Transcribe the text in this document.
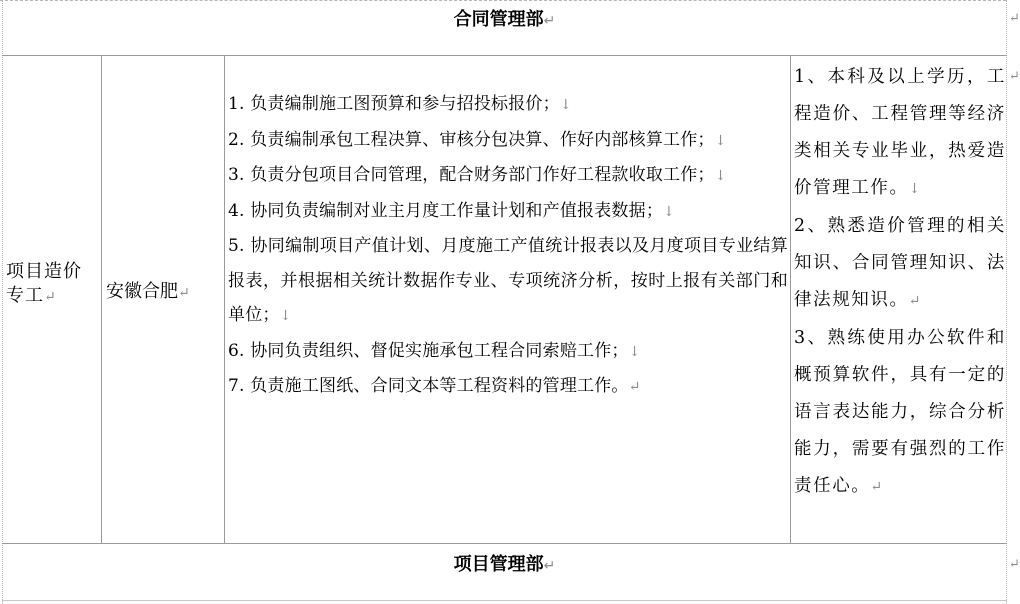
合同管理部↵
项目造价专工↵	安徽合肥↵
1. 负责编制施工图预算和参与招投标报价；↓
2. 负责编制承包工程决算、审核分包决算、作好内部核算工作；↓
3. 负责分包项目合同管理，配合财务部门作好工程款收取工作；↓
4. 协同负责编制对业主月度工作量计划和产值报表数据；↓
5. 协同编制项目产值计划、月度施工产值统计报表以及月度项目专业结算报表，并根据相关统计数据作专业、专项统济分析，按时上报有关部门和单位；↓
6. 协同负责组织、督促实施承包工程合同索赔工作；↓
7. 负责施工图纸、合同文本等工程资料的管理工作。↵
1、本科及以上学历，工程造价、工程管理等经济类相关专业毕业，热爱造价管理工作。↓
2、熟悉造价管理的相关知识、合同管理知识、法律法规知识。↵
3、熟练使用办公软件和概预算软件，具有一定的语言表达能力，综合分析能力，需要有强烈的工作责任心。↵
项目管理部↵
↵
↵
↵
